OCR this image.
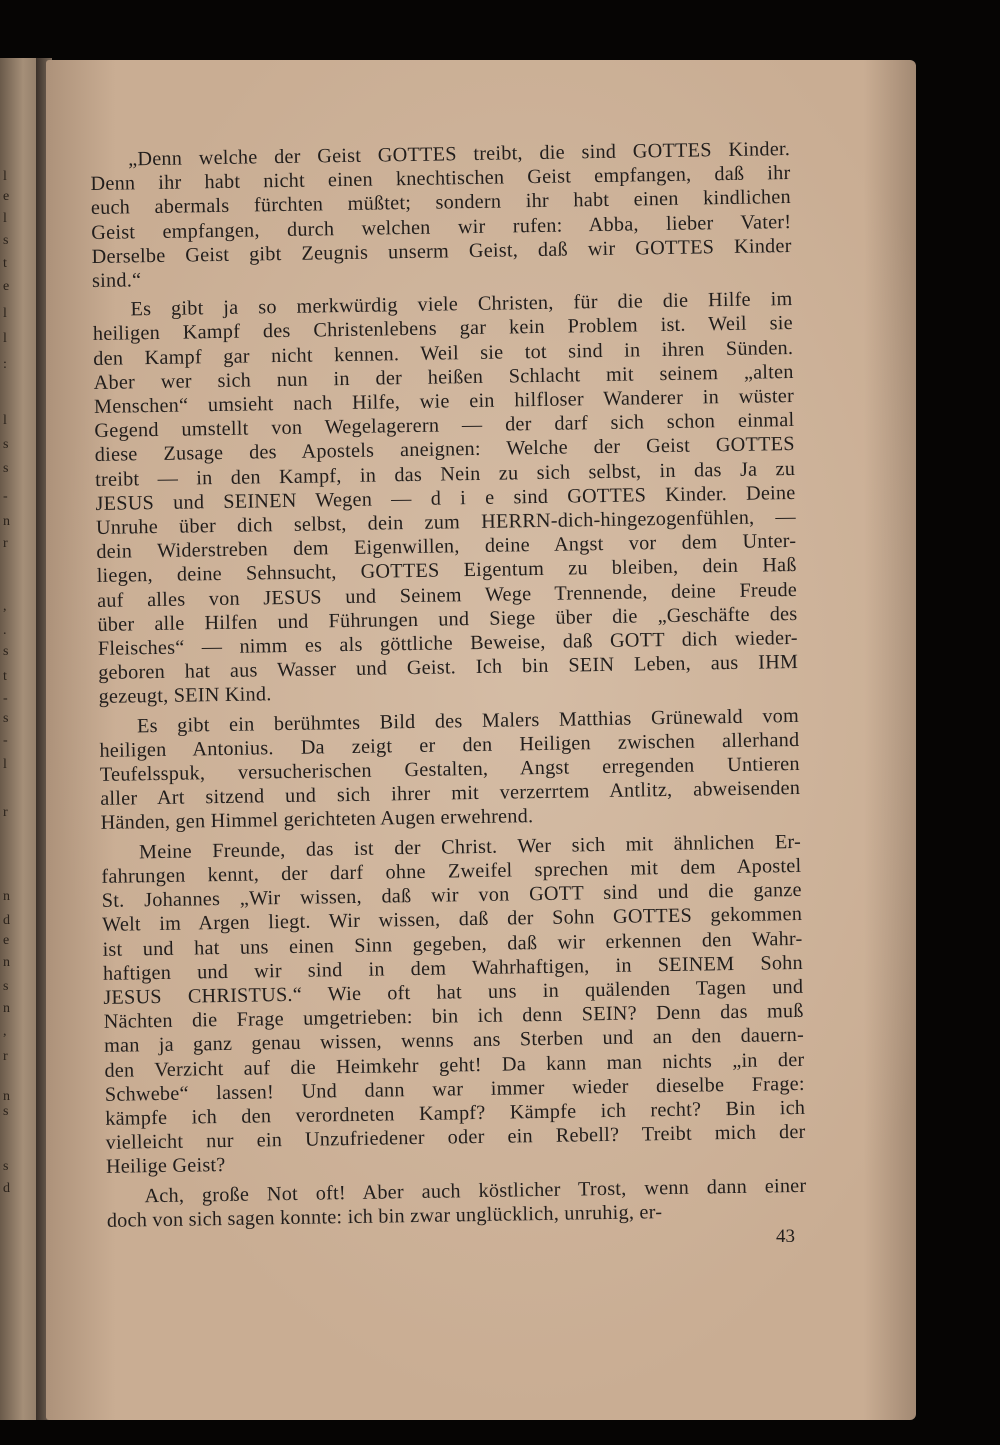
l
e
l
s
t
e
l
l
:
l
s
s
-
n
r
,
.
s
t
-
s
-
l
r
n
d
e
n
s
n
,
r
n
s
s
d

„Denn welche der Geist GOTTES treibt, die sind GOTTES Kinder.
Denn ihr habt nicht einen knechtischen Geist empfangen, daß ihr
euch abermals fürchten müßtet; sondern ihr habt einen kindlichen
Geist empfangen, durch welchen wir rufen: Abba, lieber Vater!
Derselbe Geist gibt Zeugnis unserm Geist, daß wir GOTTES Kinder
sind.“

Es gibt ja so merkwürdig viele Christen, für die die Hilfe im
heiligen Kampf des Christenlebens gar kein Problem ist. Weil sie
den Kampf gar nicht kennen. Weil sie tot sind in ihren Sünden.
Aber wer sich nun in der heißen Schlacht mit seinem „alten
Menschen“ umsieht nach Hilfe, wie ein hilfloser Wanderer in wüster
Gegend umstellt von Wegelagerern — der darf sich schon einmal
diese Zusage des Apostels aneignen: Welche der Geist GOTTES
treibt — in den Kampf, in das Nein zu sich selbst, in das Ja zu
JESUS und SEINEN Wegen — d i e sind GOTTES Kinder. Deine
Unruhe über dich selbst, dein zum HERRN-dich-hingezogenfühlen, —
dein Widerstreben dem Eigenwillen, deine Angst vor dem Unter-
liegen, deine Sehnsucht, GOTTES Eigentum zu bleiben, dein Haß
auf alles von JESUS und Seinem Wege Trennende, deine Freude
über alle Hilfen und Führungen und Siege über die „Geschäfte des
Fleisches“ — nimm es als göttliche Beweise, daß GOTT dich wieder-
geboren hat aus Wasser und Geist. Ich bin SEIN Leben, aus IHM
gezeugt, SEIN Kind.

Es gibt ein berühmtes Bild des Malers Matthias Grünewald vom
heiligen Antonius. Da zeigt er den Heiligen zwischen allerhand
Teufelsspuk, versucherischen Gestalten, Angst erregenden Untieren
aller Art sitzend und sich ihrer mit verzerrtem Antlitz, abweisenden
Händen, gen Himmel gerichteten Augen erwehrend.

Meine Freunde, das ist der Christ. Wer sich mit ähnlichen Er-
fahrungen kennt, der darf ohne Zweifel sprechen mit dem Apostel
St. Johannes „Wir wissen, daß wir von GOTT sind und die ganze
Welt im Argen liegt. Wir wissen, daß der Sohn GOTTES gekommen
ist und hat uns einen Sinn gegeben, daß wir erkennen den Wahr-
haftigen und wir sind in dem Wahrhaftigen, in SEINEM Sohn
JESUS CHRISTUS.“ Wie oft hat uns in quälenden Tagen und
Nächten die Frage umgetrieben: bin ich denn SEIN? Denn das muß
man ja ganz genau wissen, wenns ans Sterben und an den dauern-
den Verzicht auf die Heimkehr geht! Da kann man nichts „in der
Schwebe“ lassen! Und dann war immer wieder dieselbe Frage:
kämpfe ich den verordneten Kampf? Kämpfe ich recht? Bin ich
vielleicht nur ein Unzufriedener oder ein Rebell? Treibt mich der
Heilige Geist?

Ach, große Not oft! Aber auch köstlicher Trost, wenn dann einer
doch von sich sagen konnte: ich bin zwar unglücklich, unruhig, er-

43
